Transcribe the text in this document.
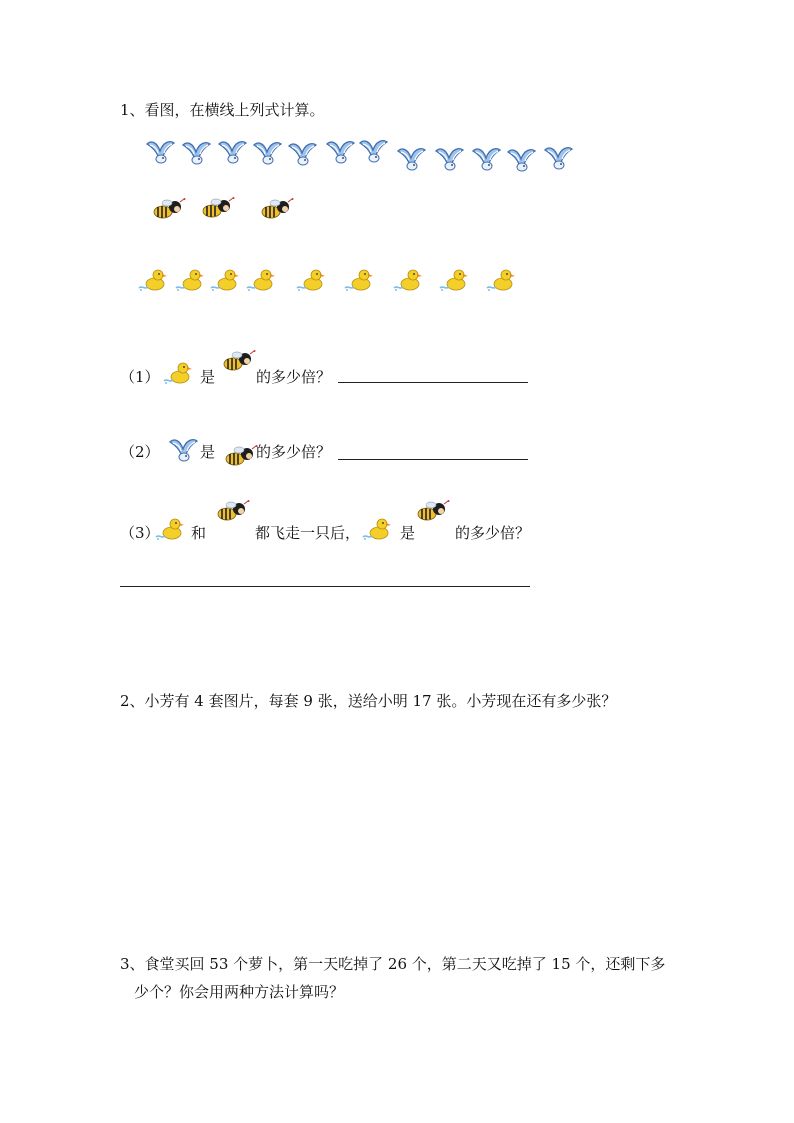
1、看图，在横线上列式计算。
（1）	是	的多少倍？
（2）	是	的多少倍？
（3） 和	都飞走一只后，	是	的多少倍？
2、小芳有 4 套图片，每套 9 张，送给小明 17 张。小芳现在还有多少张？
3、食堂买回 53 个萝卜，第一天吃掉了 26 个，第二天又吃掉了 15 个，还剩下多
少个？你会用两种方法计算吗？
